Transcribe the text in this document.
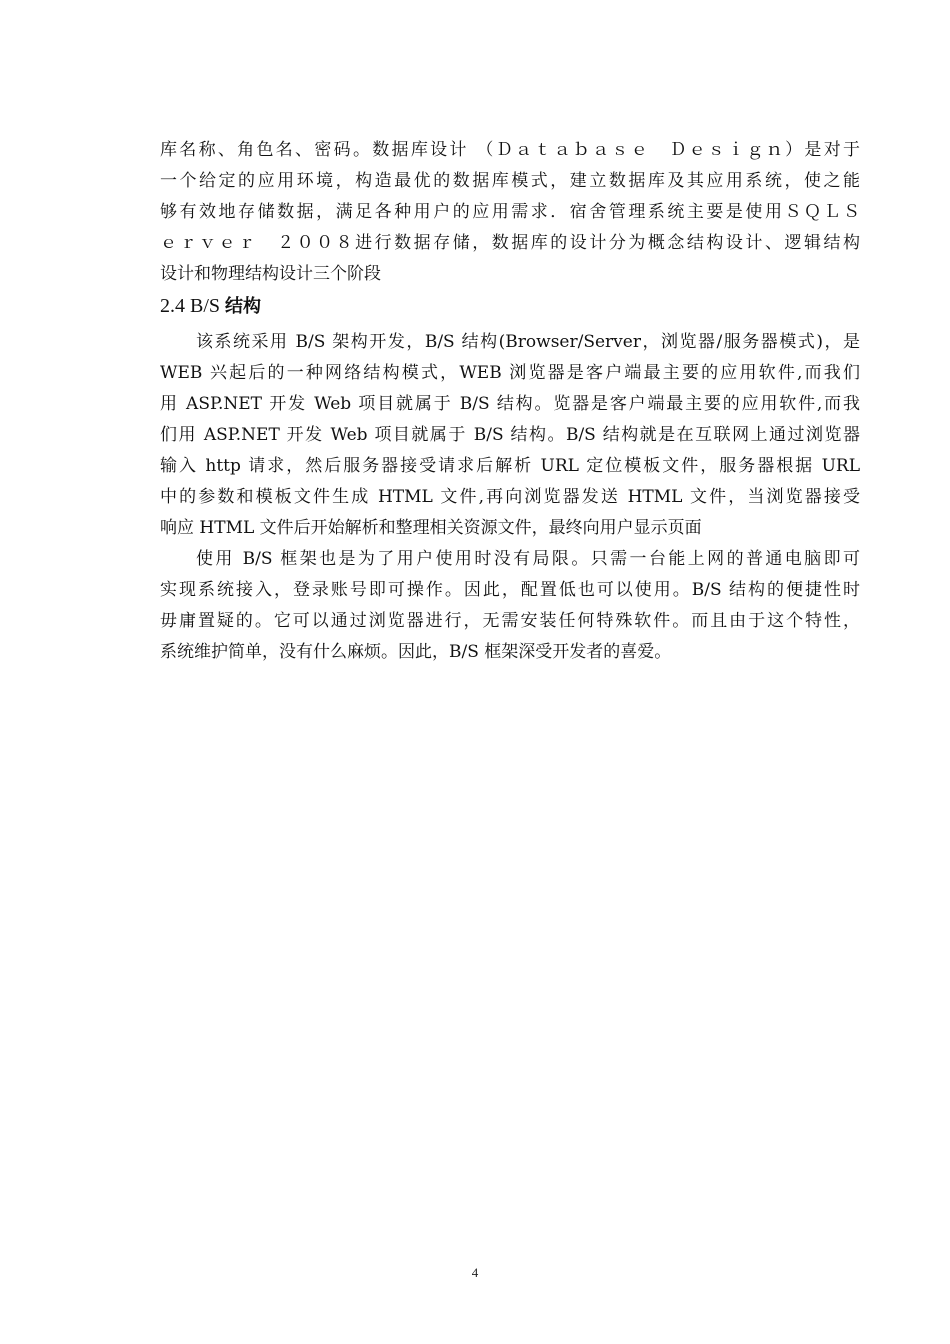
库名称、角色名、密码。数据库设计 （Ｄａｔａｂａｓｅ　Ｄｅｓｉｇｎ）是对于
一个给定的应用环境，构造最优的数据库模式，建立数据库及其应用系统，使之能
够有效地存储数据，满足各种用户的应用需求．宿舍管理系统主要是使用ＳＱＬＳ
ｅｒｖｅｒ　２００８进行数据存储，数据库的设计分为概念结构设计、逻辑结构
设计和物理结构设计三个阶段
2.4 B/S 结构
该系统采用 B/S 架构开发，B/S 结构(Browser/Server，浏览器/服务器模式)，是
WEB 兴起后的一种网络结构模式，WEB 浏览器是客户端最主要的应用软件,而我们
用 ASP.NET 开发 Web 项目就属于 B/S 结构。览器是客户端最主要的应用软件,而我
们用 ASP.NET 开发 Web 项目就属于 B/S 结构。B/S 结构就是在互联网上通过浏览器
输入 http 请求，然后服务器接受请求后解析 URL 定位模板文件，服务器根据 URL
中的参数和模板文件生成 HTML 文件,再向浏览器发送 HTML 文件，当浏览器接受
响应 HTML 文件后开始解析和整理相关资源文件，最终向用户显示页面
使用 B/S 框架也是为了用户使用时没有局限。只需一台能上网的普通电脑即可
实现系统接入，登录账号即可操作。因此，配置低也可以使用。B/S 结构的便捷性时
毋庸置疑的。它可以通过浏览器进行，无需安装任何特殊软件。而且由于这个特性，
系统维护简单，没有什么麻烦。因此，B/S 框架深受开发者的喜爱。
4
